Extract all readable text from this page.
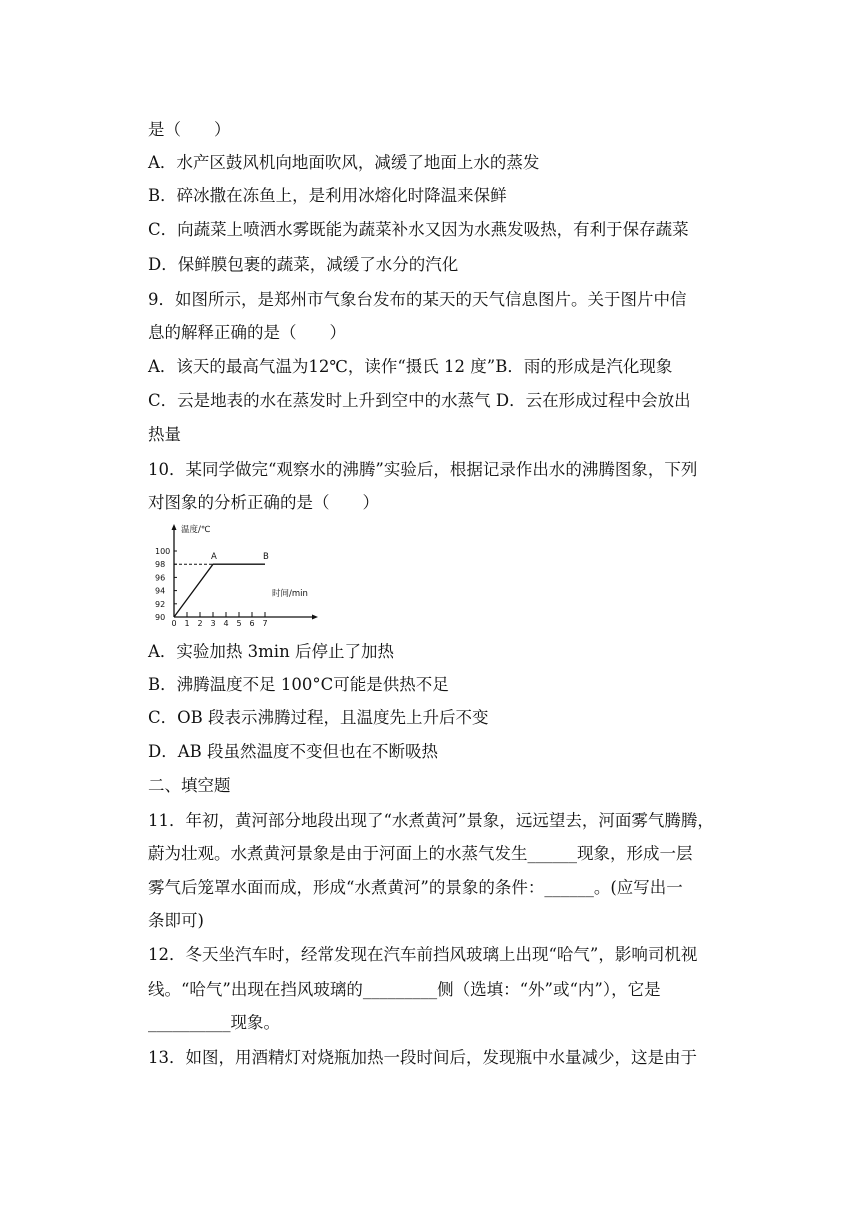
是（　　）
A．水产区鼓风机向地面吹风，减缓了地面上水的蒸发
B．碎冰撒在冻鱼上，是利用冰熔化时降温来保鲜
C．向蔬菜上喷洒水雾既能为蔬菜补水又因为水燕发吸热，有利于保存蔬菜
D．保鲜膜包裹的蔬菜，减缓了水分的汽化
9．如图所示，是郑州市气象台发布的某天的天气信息图片。关于图片中信
息的解释正确的是（　　）
A．该天的最高气温为12℃，读作“摄氏 12 度”B．雨的形成是汽化现象
C．云是地表的水在蒸发时上升到空中的水蒸气 D．云在形成过程中会放出
热量
10．某同学做完“观察水的沸腾”实验后，根据记录作出水的沸腾图象，下列
对图象的分析正确的是（　　）
A．实验加热 3min 后停止了加热
B．沸腾温度不足 100°C可能是供热不足
C．OB 段表示沸腾过程，且温度先上升后不变
D．AB 段虽然温度不变但也在不断吸热
二、填空题
11．年初，黄河部分地段出现了“水煮黄河”景象，远远望去，河面雾气腾腾，
蔚为壮观。水煮黄河景象是由于河面上的水蒸气发生______现象，形成一层
雾气后笼罩水面而成，形成“水煮黄河”的景象的条件：______。(应写出一
条即可)
12．冬天坐汽车时，经常发现在汽车前挡风玻璃上出现“哈气”，影响司机视
线。“哈气”出现在挡风玻璃的_________侧（选填：“外”或“内”），它是
__________现象。
13．如图，用酒精灯对烧瓶加热一段时间后，发现瓶中水量减少，这是由于
温度/℃
时间/min
100
98
96
94
92
90
0 1 2 3 4 5 6 7
A	B
